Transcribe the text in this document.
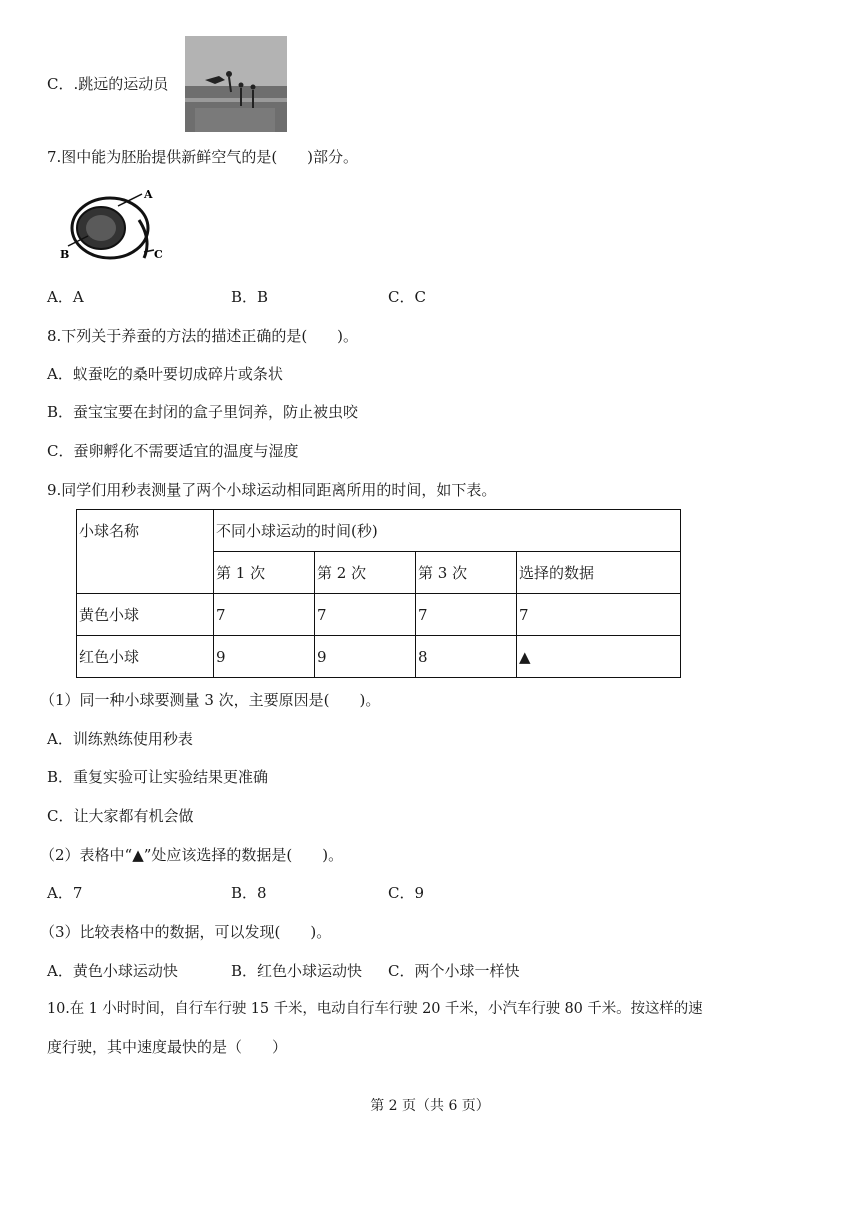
C．.跳远的运动员
7.图中能为胚胎提供新鲜空气的是(　　)部分。
A
B	C
A．A	B．B	C．C
8.下列关于养蚕的方法的描述正确的是(　　)。
A．蚁蚕吃的桑叶要切成碎片或条状
B．蚕宝宝要在封闭的盒子里饲养，防止被虫咬
C．蚕卵孵化不需要适宜的温度与湿度
9.同学们用秒表测量了两个小球运动相同距离所用的时间，如下表。
小球名称	不同小球运动的时间(秒)			
	第 1 次	第 2 次	第 3 次	选择的数据
黄色小球	7	7	7	7
红色小球	9	9	8	▲
（1）同一种小球要测量 3 次，主要原因是(　　)。
A．训练熟练使用秒表
B．重复实验可让实验结果更准确
C．让大家都有机会做
（2）表格中“▲”处应该选择的数据是(　　)。
A．7	B．8	C．9
（3）比较表格中的数据，可以发现(　　)。
A．黄色小球运动快	B．红色小球运动快 C．两个小球一样快
10.在 1 小时时间，自行车行驶 15 千米，电动自行车行驶 20 千米，小汽车行驶 80 千米。按这样的速
度行驶，其中速度最快的是（　　）
第 2 页（共 6 页）
